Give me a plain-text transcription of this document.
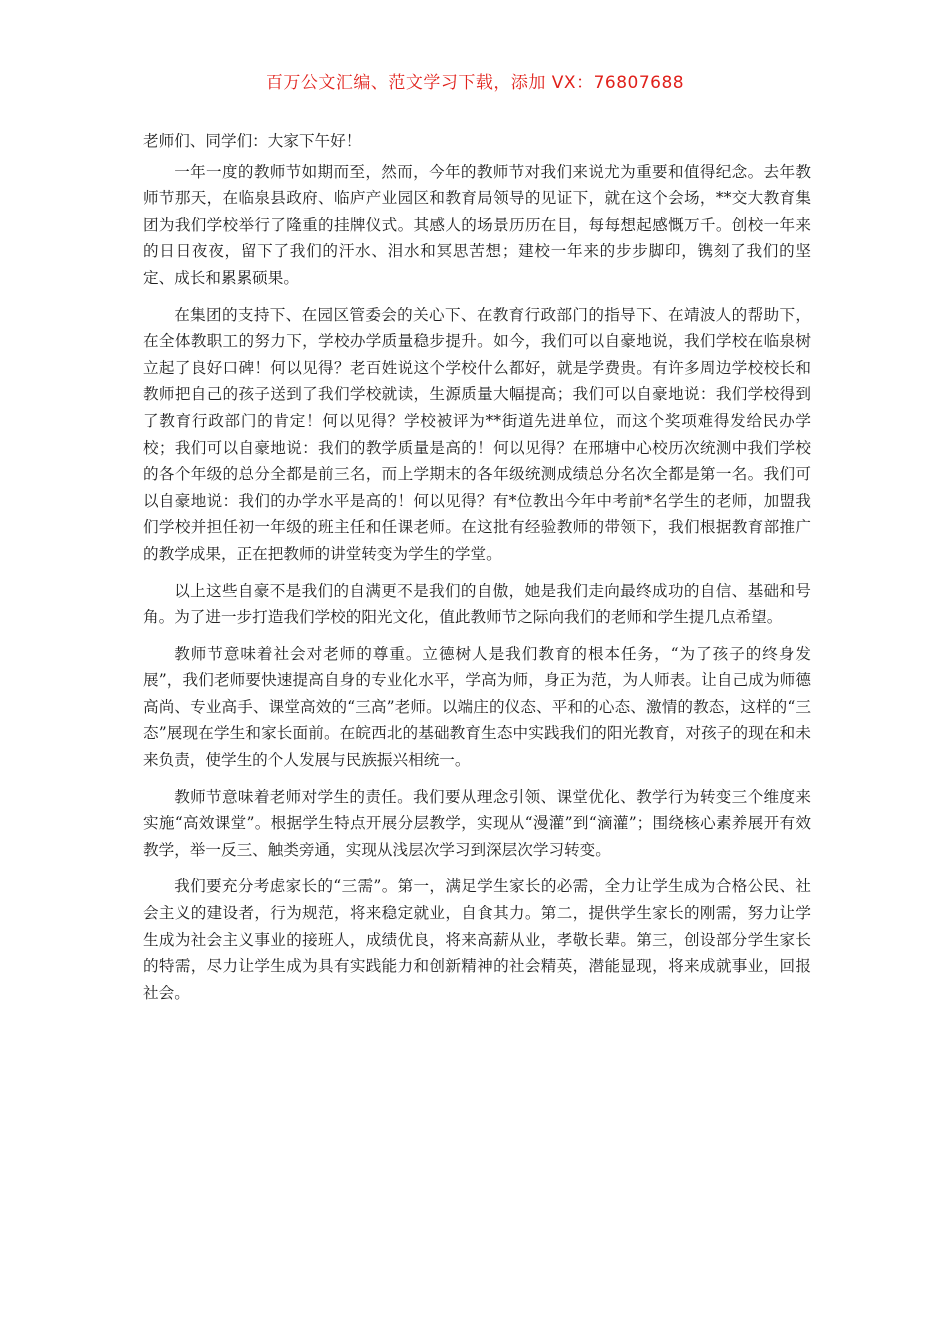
百万公文汇编、范文学习下载，添加 VX：76807688

老师们、同学们：大家下午好！

一年一度的教师节如期而至，然而，今年的教师节对我们来说尤为重要和值得纪念。去年教师节那天，在临泉县政府、临庐产业园区和教育局领导的见证下，就在这个会场，**交大教育集团为我们学校举行了隆重的挂牌仪式。其感人的场景历历在目，每每想起感慨万千。创校一年来的日日夜夜，留下了我们的汗水、泪水和冥思苦想；建校一年来的步步脚印，镌刻了我们的坚定、成长和累累硕果。

在集团的支持下、在园区管委会的关心下、在教育行政部门的指导下、在靖波人的帮助下，在全体教职工的努力下，学校办学质量稳步提升。如今，我们可以自豪地说，我们学校在临泉树立起了良好口碑！何以见得？老百姓说这个学校什么都好，就是学费贵。有许多周边学校校长和教师把自己的孩子送到了我们学校就读，生源质量大幅提高；我们可以自豪地说：我们学校得到了教育行政部门的肯定！何以见得？学校被评为**街道先进单位，而这个奖项难得发给民办学校；我们可以自豪地说：我们的教学质量是高的！何以见得？在邢塘中心校历次统测中我们学校的各个年级的总分全都是前三名，而上学期末的各年级统测成绩总分名次全都是第一名。我们可以自豪地说：我们的办学水平是高的！何以见得？有*位教出今年中考前*名学生的老师，加盟我们学校并担任初一年级的班主任和任课老师。在这批有经验教师的带领下，我们根据教育部推广的教学成果，正在把教师的讲堂转变为学生的学堂。

以上这些自豪不是我们的自满更不是我们的自傲，她是我们走向最终成功的自信、基础和号角。为了进一步打造我们学校的阳光文化，值此教师节之际向我们的老师和学生提几点希望。

教师节意味着社会对老师的尊重。立德树人是我们教育的根本任务，“为了孩子的终身发展”，我们老师要快速提高自身的专业化水平，学高为师，身正为范，为人师表。让自己成为师德高尚、专业高手、课堂高效的“三高”老师。以端庄的仪态、平和的心态、激情的教态，这样的“三态”展现在学生和家长面前。在皖西北的基础教育生态中实践我们的阳光教育，对孩子的现在和未来负责，使学生的个人发展与民族振兴相统一。

教师节意味着老师对学生的责任。我们要从理念引领、课堂优化、教学行为转变三个维度来实施“高效课堂”。根据学生特点开展分层教学，实现从“漫灌”到“滴灌”；围绕核心素养展开有效教学，举一反三、触类旁通，实现从浅层次学习到深层次学习转变。

我们要充分考虑家长的“三需”。第一，满足学生家长的必需，全力让学生成为合格公民、社会主义的建设者，行为规范，将来稳定就业，自食其力。第二，提供学生家长的刚需，努力让学生成为社会主义事业的接班人，成绩优良，将来高薪从业，孝敬长辈。第三，创设部分学生家长的特需，尽力让学生成为具有实践能力和创新精神的社会精英，潜能显现，将来成就事业，回报社会。
